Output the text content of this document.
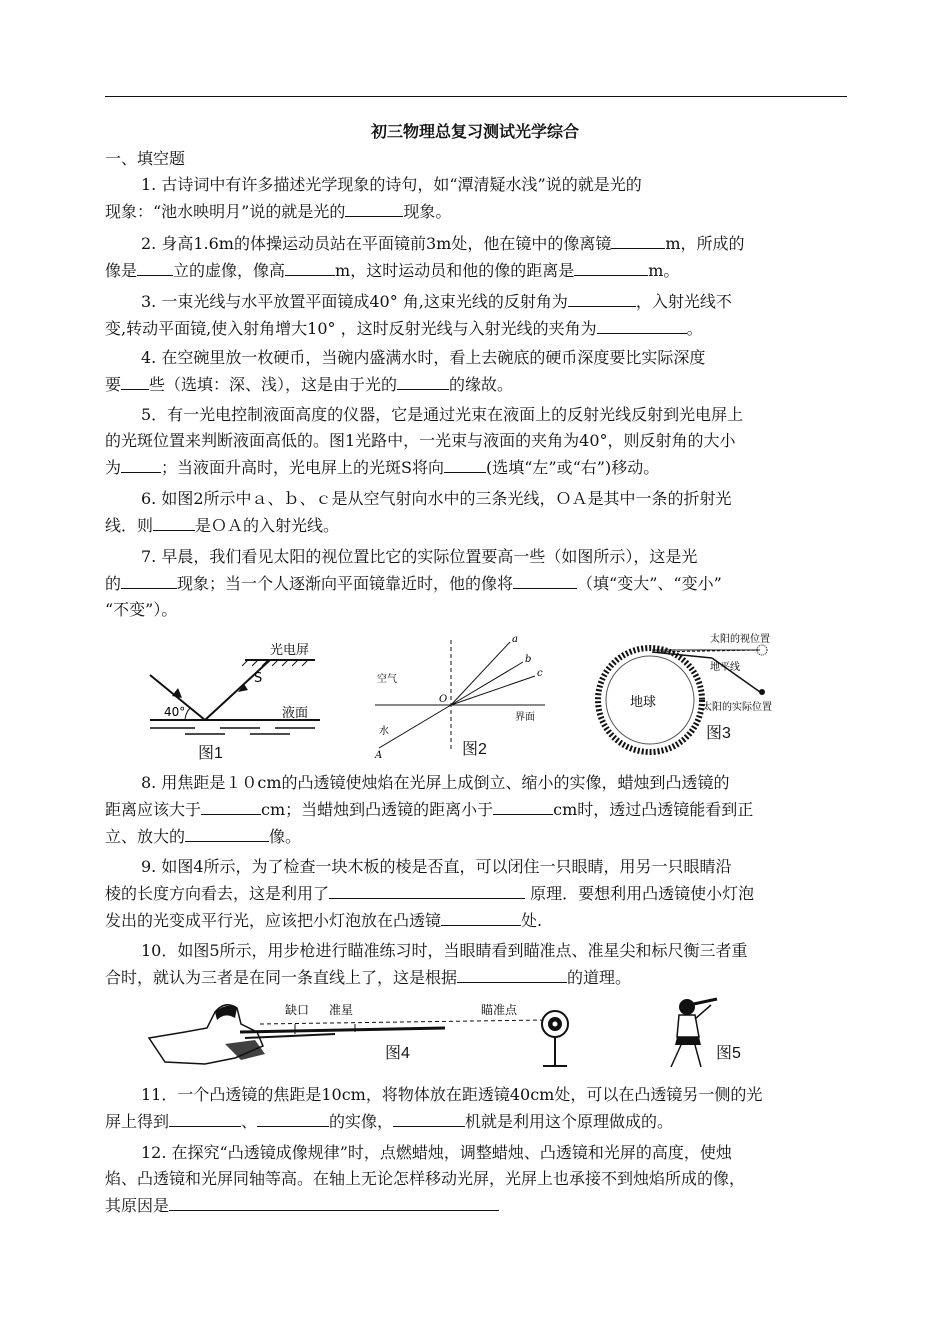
初三物理总复习测试光学综合
一、填空题
1. 古诗词中有许多描述光学现象的诗句，如“潭清疑水浅”说的就是光的
现象：“池水映明月”说的就是光的	现象。
2. 身高1.6m的体操运动员站在平面镜前3m处，他在镜中的像离镜	m，所成的
像是 立的虚像，像高	m，这时运动员和他的像的距离是	m。
3. 一束光线与水平放置平面镜成40° 角,这束光线的反射角为	，入射光线不
变,转动平面镜,使入射角增大10° ，这时反射光线与入射光线的夹角为	。
4. 在空碗里放一枚硬币，当碗内盛满水时，看上去碗底的硬币深度要比实际深度
要 些（选填：深、浅），这是由于光的	的缘故。
5．有一光电控制液面高度的仪器，它是通过光束在液面上的反射光线反射到光电屏上
的光斑位置来判断液面高低的。图1光路中，一光束与液面的夹角为40°，则反射角的大小
为	；当液面升高时，光电屏上的光斑S将向	(选填“左”或“右”)移动。
6. 如图2所示中ａ、ｂ、ｃ是从空气射向水中的三条光线，ＯＡ是其中一条的折射光
线．则	是ＯＡ的入射光线。
7. 早晨，我们看见太阳的视位置比它的实际位置要高一些（如图所示），这是光
的	现象；当一个人逐渐向平面镜靠近时，他的像将	（填“变大”、“变小”
“不变”）。
光电屏
S
40°	液面
图1
a
b
c
O
A
空气
水
界面
图2
地球
太阳的视位置
地平线
太阳的实际位置
图3
8. 用焦距是１０cm的凸透镜使烛焰在光屏上成倒立、缩小的实像，蜡烛到凸透镜的
距离应该大于	cm；当蜡烛到凸透镜的距离小于	cm时，透过凸透镜能看到正
立、放大的	像。
9. 如图4所示，为了检查一块木板的棱是否直，可以闭住一只眼睛，用另一只眼睛沿
棱的长度方向看去，这是利用了	原理．要想利用凸透镜使小灯泡
发出的光变成平行光，应该把小灯泡放在凸透镜	处.
10．如图5所示，用步枪进行瞄准练习时，当眼睛看到瞄准点、准星尖和标尺衡三者重
合时，就认为三者是在同一条直线上了，这是根据	的道理。
缺口 准星	瞄准点
图4	图5
11．一个凸透镜的焦距是10cm，将物体放在距透镜40cm处，可以在凸透镜另一侧的光
屏上得到	、	的实像，	机就是利用这个原理做成的。
12. 在探究“凸透镜成像规律”时，点燃蜡烛，调整蜡烛、凸透镜和光屏的高度，使烛
焰、凸透镜和光屏同轴等高。在轴上无论怎样移动光屏，光屏上也承接不到烛焰所成的像，
其原因是
